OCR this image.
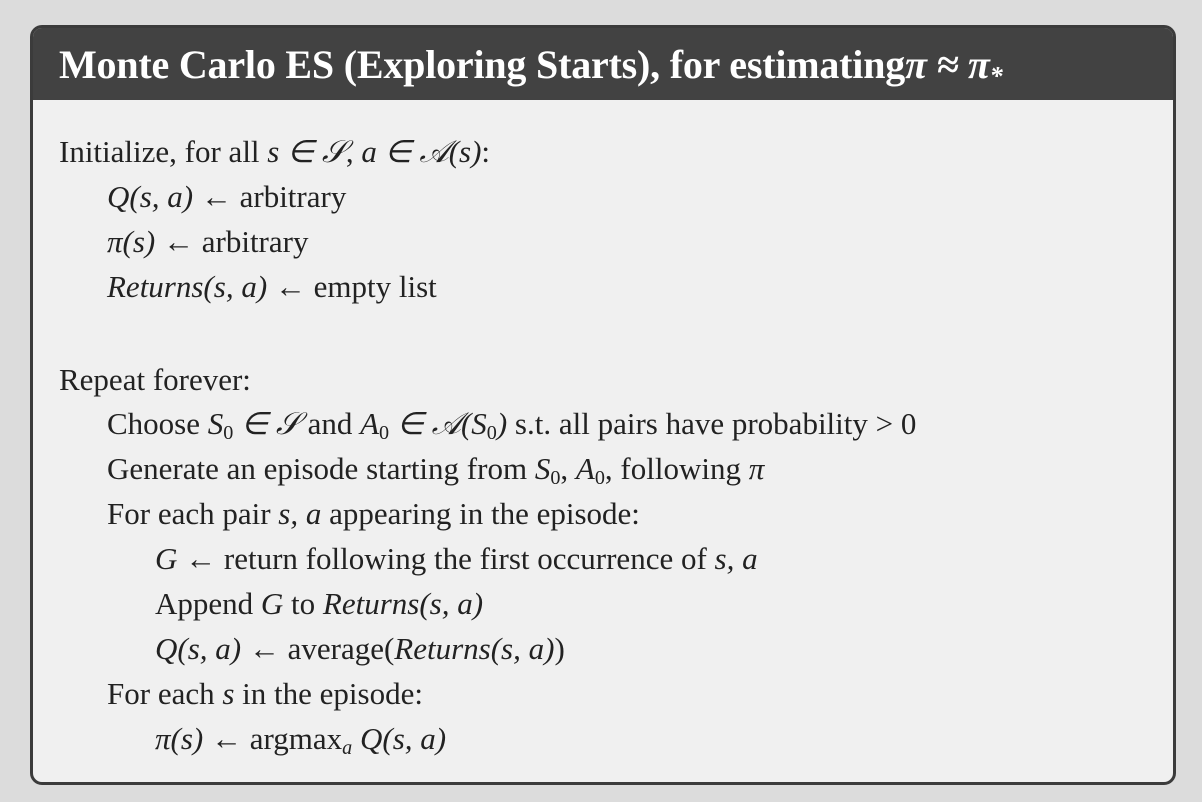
Monte Carlo ES (Exploring Starts), for estimating $\pi \approx \pi_*$
Initialize, for all s ∈ 𝒮, a ∈ 𝒜(s):
Q(s, a) ← arbitrary
π(s) ← arbitrary
Returns(s, a) ← empty list
Repeat forever:
Choose $S_0$ ∈ 𝒮 and $A_0$ ∈ $𝒜(S_0)$ s.t. all pairs have probability > 0
Generate an episode starting from $S_0$, $A_0$, following π
For each pair s, a appearing in the episode:
G ← return following the first occurrence of s, a
Append G to Returns(s, a)
Q(s, a) ← average(Returns(s, a))
For each s in the episode:
π(s) ← argmax$_a$ Q(s, a)
